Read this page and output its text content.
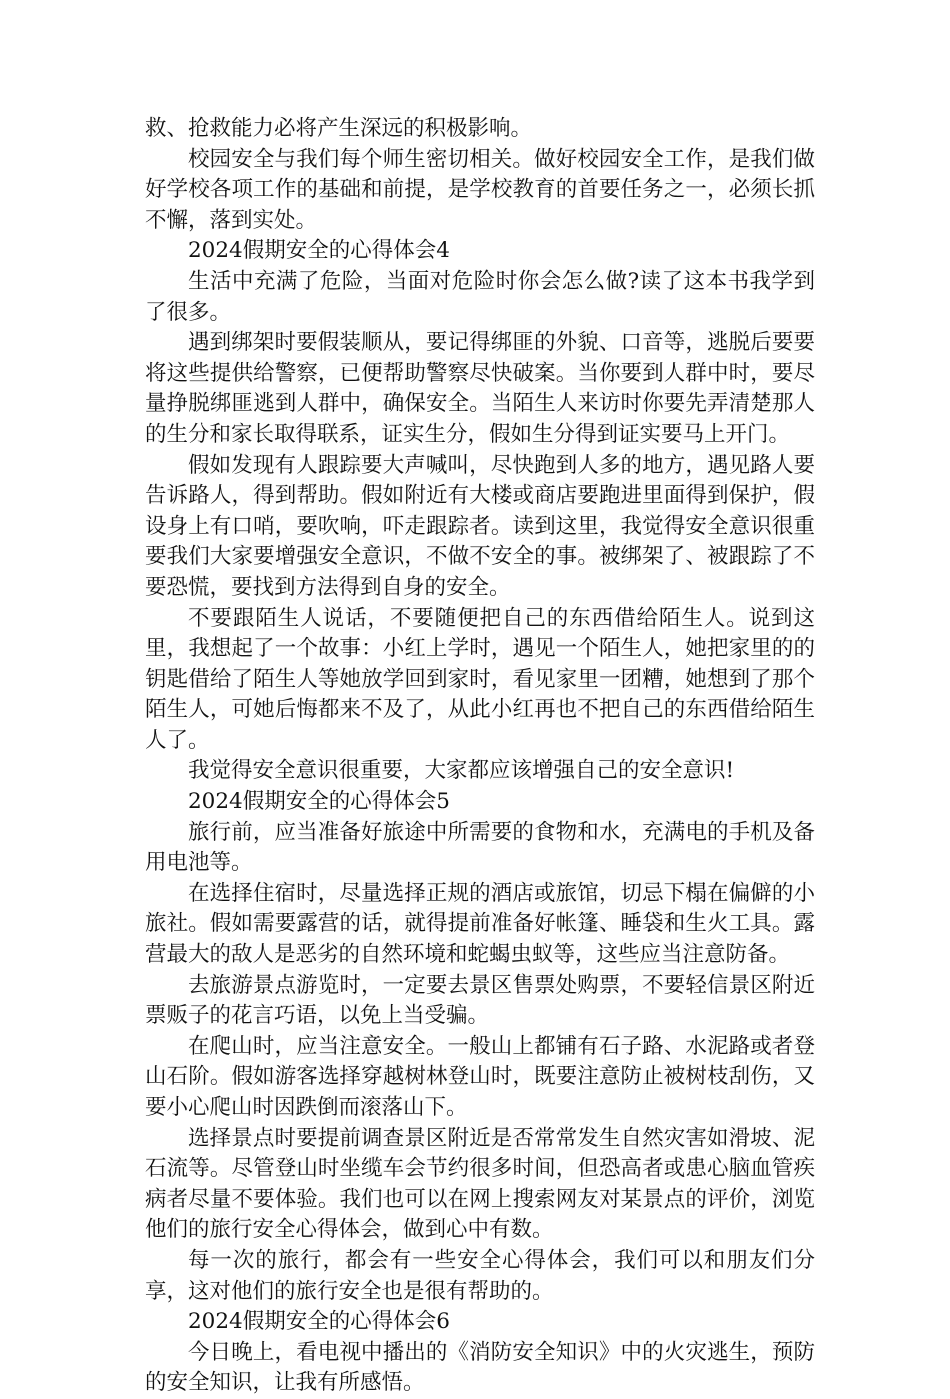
救、抢救能力必将产生深远的积极影响。

校园安全与我们每个师生密切相关。做好校园安全工作，是我们做好学校各项工作的基础和前提，是学校教育的首要任务之一，必须长抓不懈，落到实处。

2024假期安全的心得体会4

生活中充满了危险，当面对危险时你会怎么做?读了这本书我学到了很多。

遇到绑架时要假装顺从，要记得绑匪的外貌、口音等，逃脱后要要将这些提供给警察，已便帮助警察尽快破案。当你要到人群中时，要尽量挣脱绑匪逃到人群中，确保安全。当陌生人来访时你要先弄清楚那人的生分和家长取得联系，证实生分，假如生分得到证实要马上开门。

假如发现有人跟踪要大声喊叫，尽快跑到人多的地方，遇见路人要告诉路人，得到帮助。假如附近有大楼或商店要跑进里面得到保护，假设身上有口哨，要吹响，吓走跟踪者。读到这里，我觉得安全意识很重要我们大家要增强安全意识，不做不安全的事。被绑架了、被跟踪了不要恐慌，要找到方法得到自身的安全。

不要跟陌生人说话，不要随便把自己的东西借给陌生人。说到这里，我想起了一个故事：小红上学时，遇见一个陌生人，她把家里的的钥匙借给了陌生人等她放学回到家时，看见家里一团糟，她想到了那个陌生人，可她后悔都来不及了，从此小红再也不把自己的东西借给陌生人了。

我觉得安全意识很重要，大家都应该增强自己的安全意识!

2024假期安全的心得体会5

旅行前，应当准备好旅途中所需要的食物和水，充满电的手机及备用电池等。

在选择住宿时，尽量选择正规的酒店或旅馆，切忌下榻在偏僻的小旅社。假如需要露营的话，就得提前准备好帐篷、睡袋和生火工具。露营最大的敌人是恶劣的自然环境和蛇蝎虫蚁等，这些应当注意防备。

去旅游景点游览时，一定要去景区售票处购票，不要轻信景区附近票贩子的花言巧语，以免上当受骗。

在爬山时，应当注意安全。一般山上都铺有石子路、水泥路或者登山石阶。假如游客选择穿越树林登山时，既要注意防止被树枝刮伤，又要小心爬山时因跌倒而滚落山下。

选择景点时要提前调查景区附近是否常常发生自然灾害如滑坡、泥石流等。尽管登山时坐缆车会节约很多时间，但恐高者或患心脑血管疾病者尽量不要体验。我们也可以在网上搜索网友对某景点的评价，浏览他们的旅行安全心得体会，做到心中有数。

每一次的旅行，都会有一些安全心得体会，我们可以和朋友们分享，这对他们的旅行安全也是很有帮助的。

2024假期安全的心得体会6

今日晚上，看电视中播出的《消防安全知识》中的火灾逃生，预防的安全知识，让我有所感悟。
